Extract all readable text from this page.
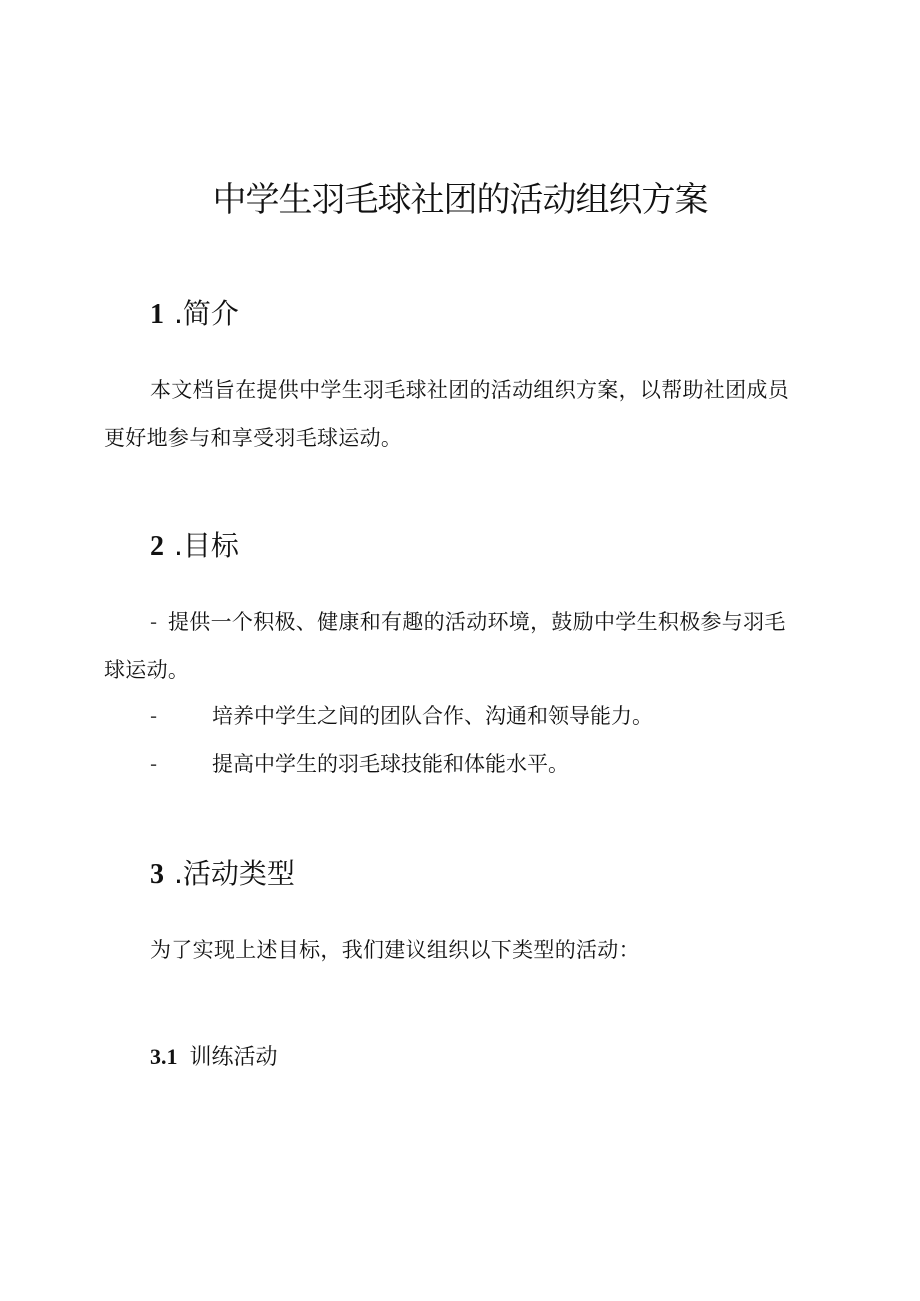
中学生羽毛球社团的活动组织方案
1 .简介

本文档旨在提供中学生羽毛球社团的活动组织方案，以帮助社团成员更好地参与和享受羽毛球运动。

2 .目标

- 提供一个积极、健康和有趣的活动环境，鼓励中学生积极参与羽毛球运动。

-	培养中学生之间的团队合作、沟通和领导能力。
-	提高中学生的羽毛球技能和体能水平。
3 .活动类型

为了实现上述目标，我们建议组织以下类型的活动：

3.1 训练活动
